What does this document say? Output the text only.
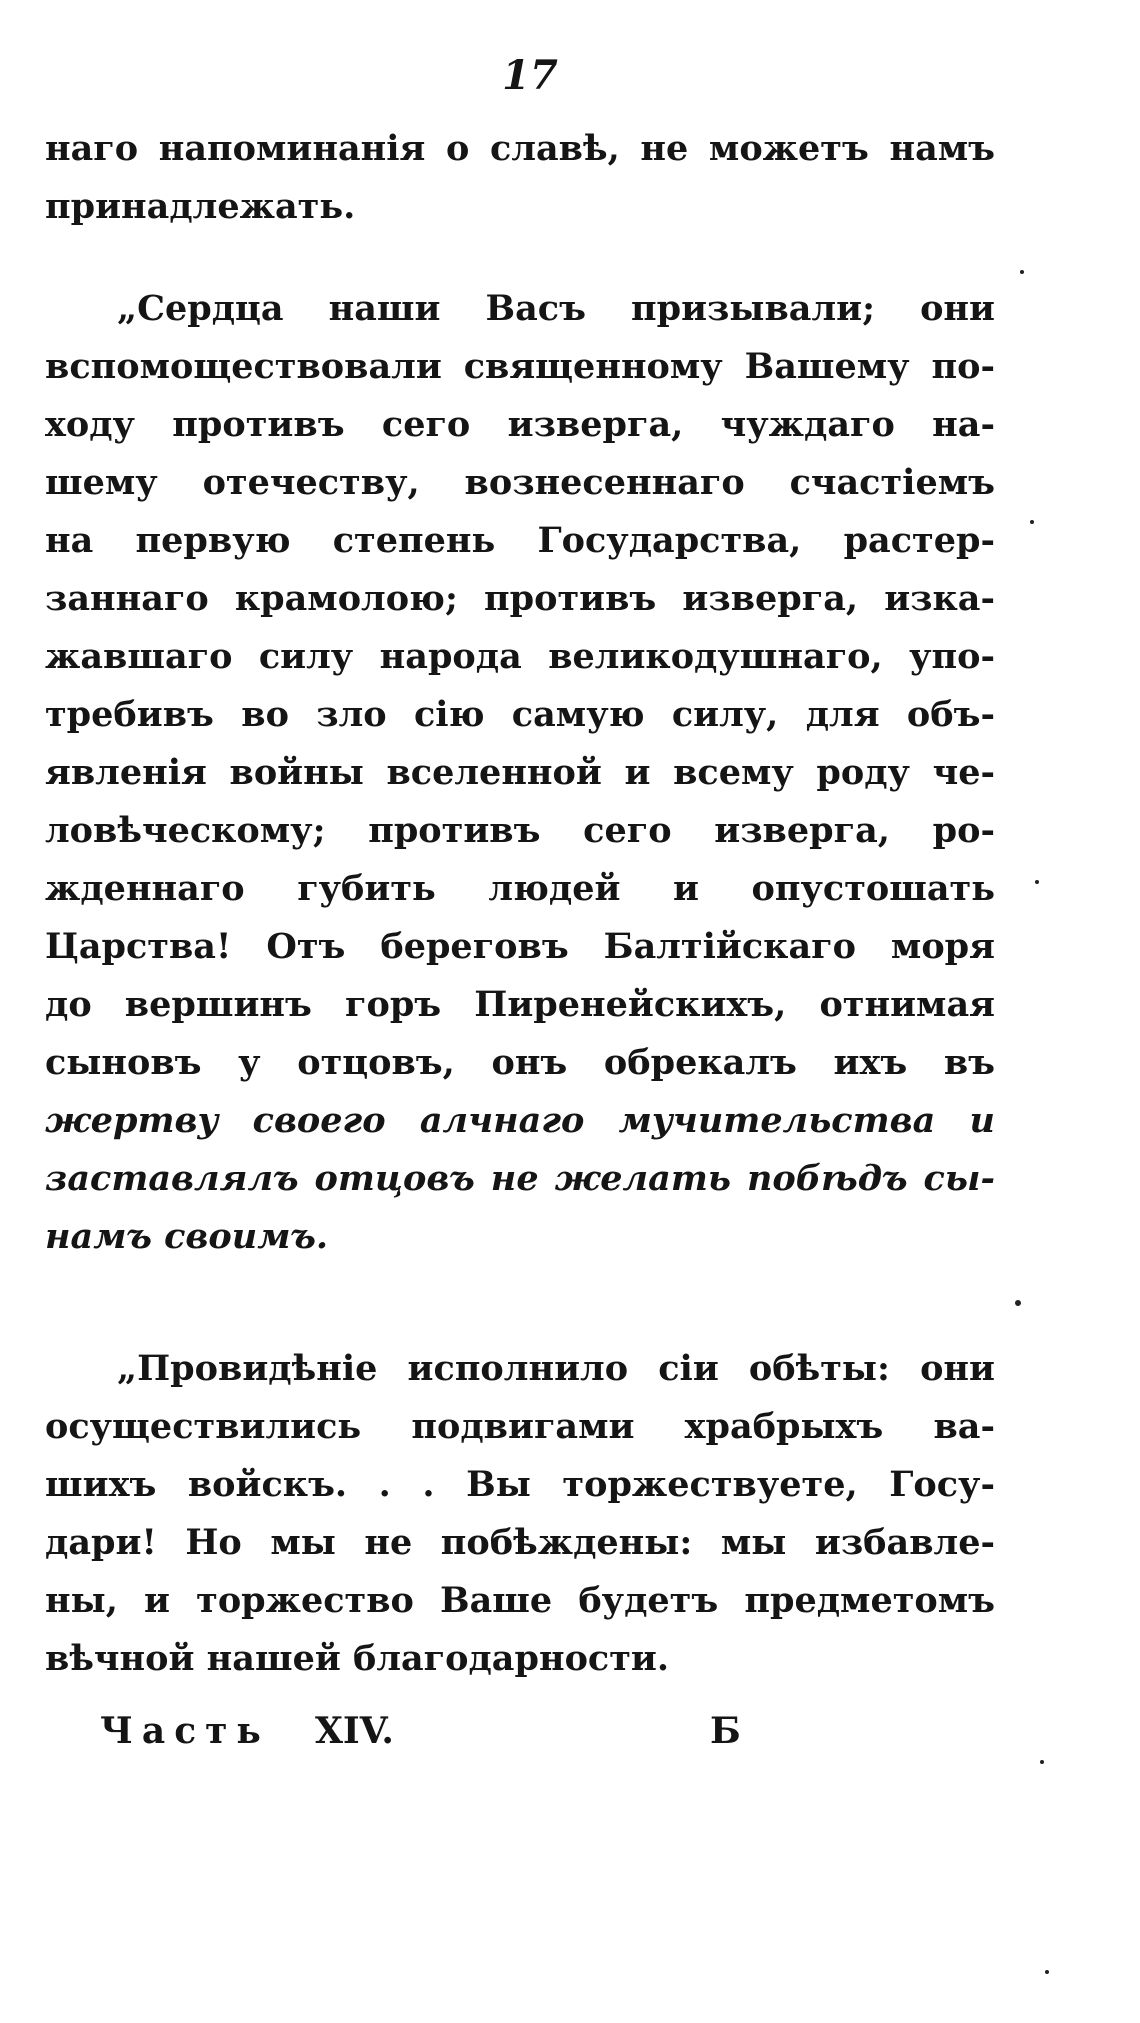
17
наго напоминанія о славѣ, не можетъ намъ
принадлежать.
„Сердца наши Васъ призывали; они
вспомоществовали священному Вашему по-
ходу противъ сего изверга, чуждаго на-
шему отечеству, вознесеннаго счастіемъ
на первую степень Государства, растер-
заннаго крамолою; противъ изверга, изка-
жавшаго силу народа великодушнаго, упо-
требивъ во зло сію самую силу, для объ-
явленія войны вселенной и всему роду че-
ловѣческому; противъ сего изверга, ро-
жденнаго губить людей и опустошать
Царства! Отъ береговъ Балтійскаго моря
до вершинъ горъ Пиренейскихъ, отнимая
сыновъ у отцовъ, онъ обрекалъ ихъ въ
жертву своего алчнаго мучительства и
заставлялъ отцовъ не желать побѣдъ сы-
намъ своимъ.
„Провидѣніе исполнило сіи обѣты: они
осуществились подвигами храбрыхъ ва-
шихъ войскъ. . . Вы торжествуете, Госу-
дари! Но мы не побѣждены: мы избавле-
ны, и торжество Ваше будетъ предметомъ
вѣчной нашей благодарности.
Часть XIV.	Б
